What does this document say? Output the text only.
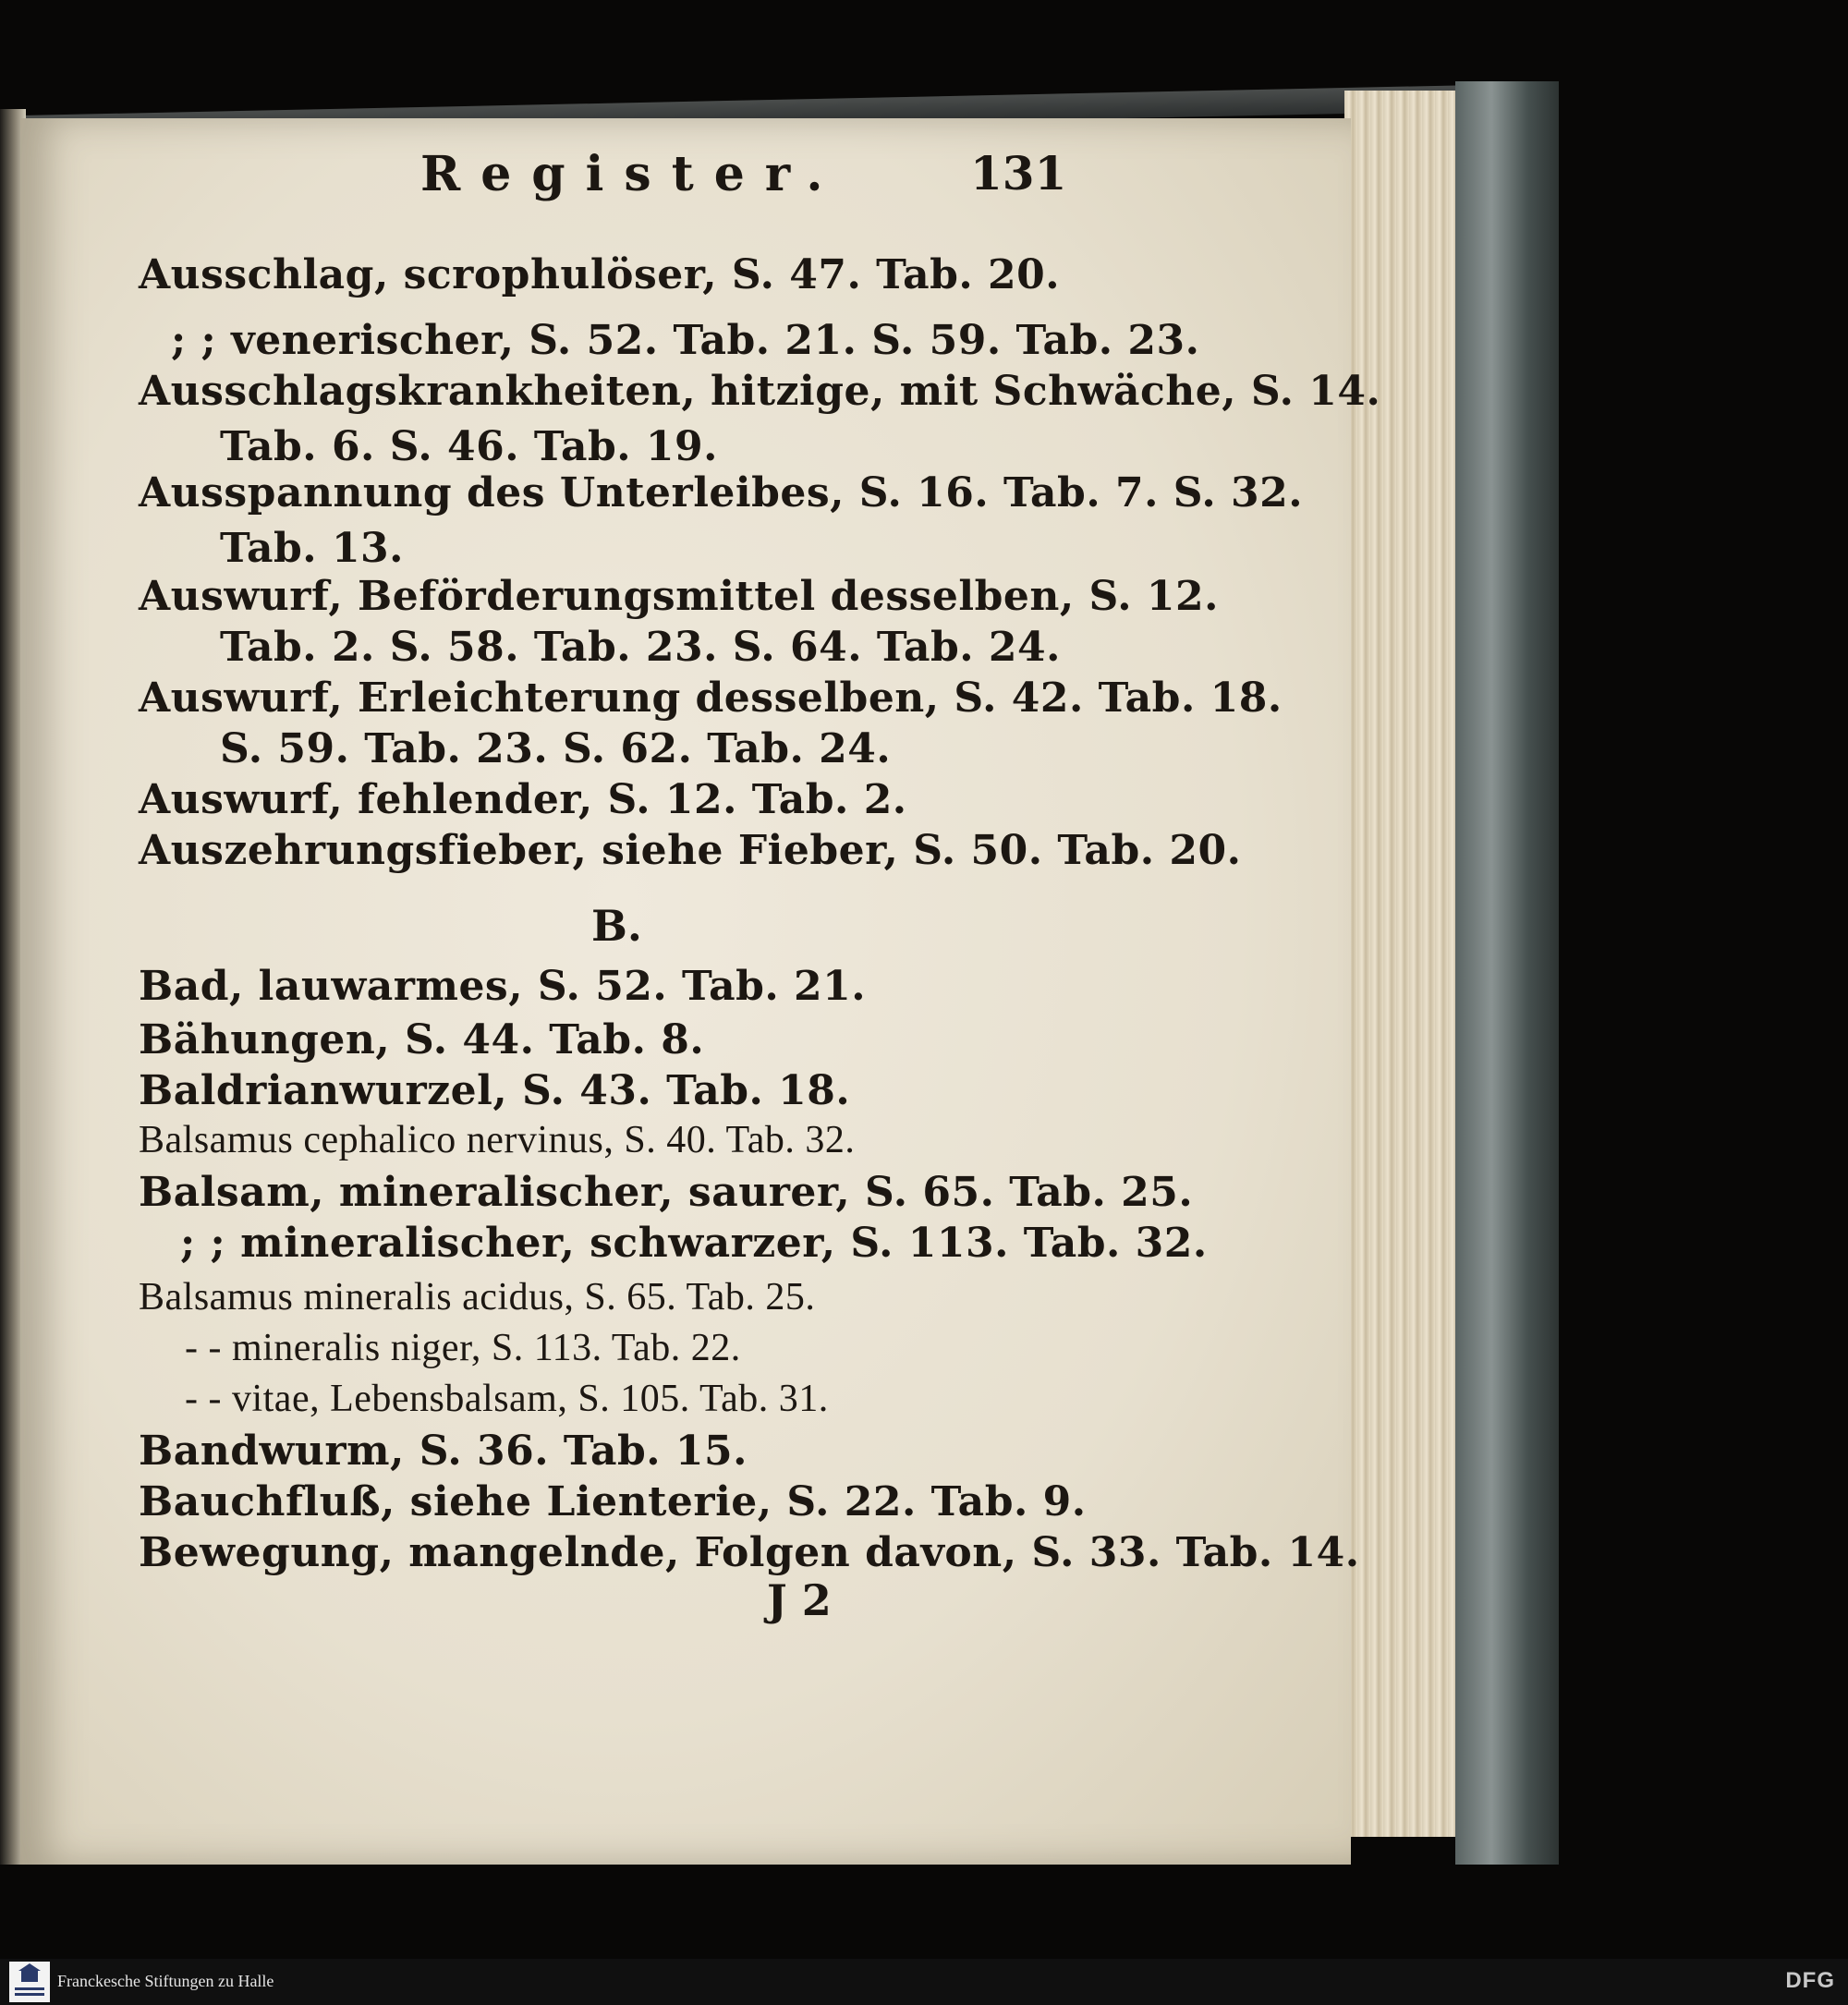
Register.	131
Ausschlag, scrophulöser, S. 47. Tab. 20.
; ; venerischer, S. 52. Tab. 21. S. 59. Tab. 23.
Ausschlagskrankheiten, hitzige, mit Schwäche, S. 14.
Tab. 6. S. 46. Tab. 19.
Ausspannung des Unterleibes, S. 16. Tab. 7. S. 32.
Tab. 13.
Auswurf, Beförderungsmittel desselben, S. 12.
Tab. 2. S. 58. Tab. 23. S. 64. Tab. 24.
Auswurf, Erleichterung desselben, S. 42. Tab. 18.
S. 59. Tab. 23. S. 62. Tab. 24.
Auswurf, fehlender, S. 12. Tab. 2.
Auszehrungsfieber, siehe Fieber, S. 50. Tab. 20.
B.
Bad, lauwarmes, S. 52. Tab. 21.
Bähungen, S. 44. Tab. 8.
Baldrianwurzel, S. 43. Tab. 18.
Balsamus cephalico nervinus, S. 40. Tab. 32.
Balsam, mineralischer, saurer, S. 65. Tab. 25.
; ; mineralischer, schwarzer, S. 113. Tab. 32.
Balsamus mineralis acidus, S. 65. Tab. 25.
- - mineralis niger, S. 113. Tab. 22.
- - vitae, Lebensbalsam, S. 105. Tab. 31.
Bandwurm, S. 36. Tab. 15.
Bauchfluß, siehe Lienterie, S. 22. Tab. 9.
Bewegung, mangelnde, Folgen davon, S. 33. Tab. 14.
J 2
Franckesche Stiftungen zu Halle	DFG
